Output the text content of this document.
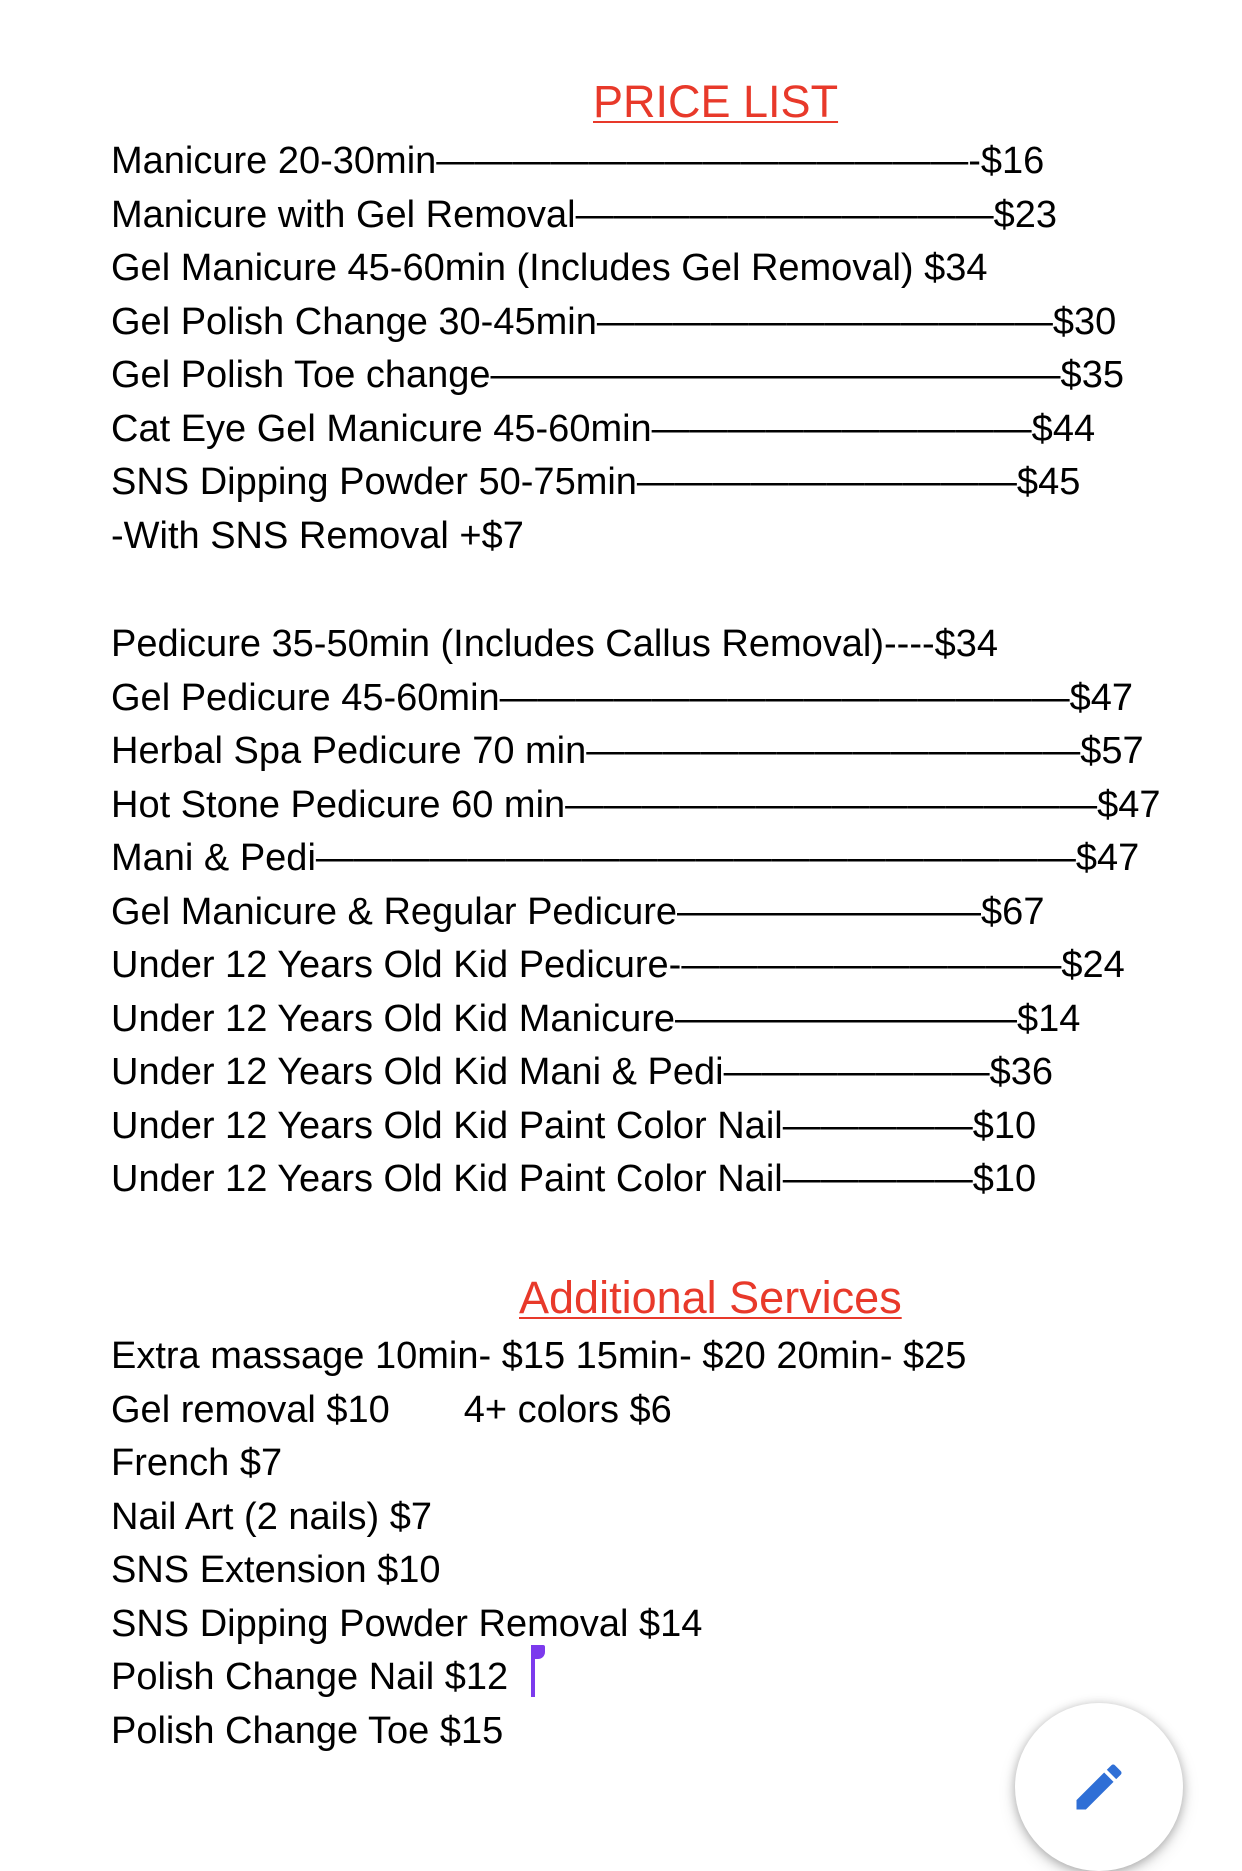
PRICE LIST
Manicure 20-30min——————————————-$16
Manicure with Gel Removal———————————$23
Gel Manicure 45-60min (Includes Gel Removal) $34
Gel Polish Change 30-45min————————————$30
Gel Polish Toe change———————————————$35
Cat Eye Gel Manicure 45-60min——————————$44
SNS Dipping Powder 50-75min——————————$45
-With SNS Removal +$7
Pedicure 35-50min (Includes Callus Removal)----$34
Gel Pedicure 45-60min———————————————$47
Herbal Spa Pedicure 70 min—————————————$57
Hot Stone Pedicure 60 min——————————————$47
Mani & Pedi————————————————————$47
Gel Manicure & Regular Pedicure————————$67
Under 12 Years Old Kid Pedicure-——————————$24
Under 12 Years Old Kid Manicure—————————$14
Under 12 Years Old Kid Mani & Pedi———————$36
Under 12 Years Old Kid Paint Color Nail—————$10
Under 12 Years Old Kid Paint Color Nail—————$10
Additional Services
Extra massage 10min- $15 15min- $20 20min- $25
Gel removal $10       4+ colors $6
French $7
Nail Art (2 nails) $7
SNS Extension $10
SNS Dipping Powder Removal $14
Polish Change Nail $12
Polish Change Toe $15
